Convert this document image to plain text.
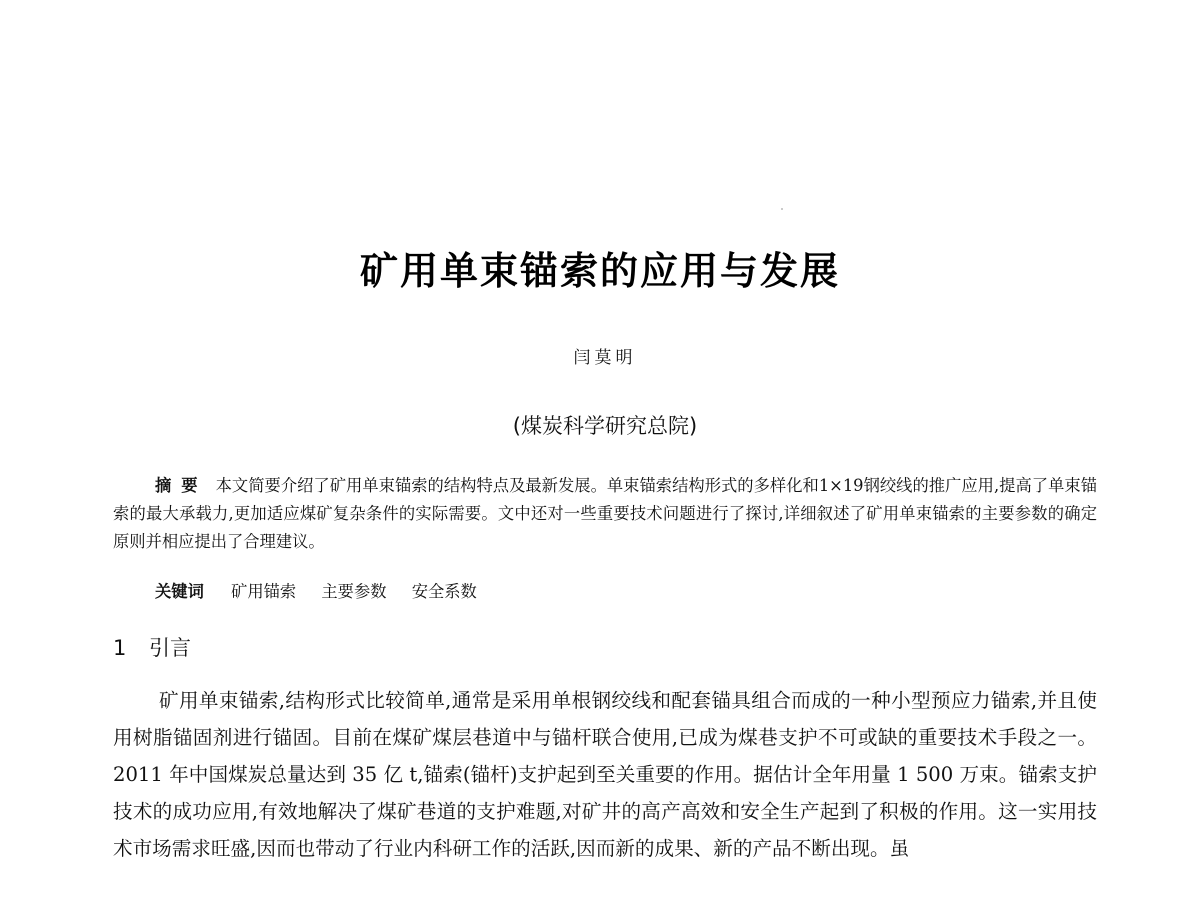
矿用单束锚索的应用与发展
闫莫明
(煤炭科学研究总院)

摘要 本文简要介绍了矿用单束锚索的结构特点及最新发展。单束锚索结构形式的多样化和1×19钢绞线的推广应用,提高了单束锚索的最大承载力,更加适应煤矿复杂条件的实际需要。文中还对一些重要技术问题进行了探讨,详细叙述了矿用单束锚索的主要参数的确定原则并相应提出了合理建议。

关键词 矿用锚索 主要参数 安全系数
1 引言

矿用单束锚索,结构形式比较简单,通常是采用单根钢绞线和配套锚具组合而成的一种小型预应力锚索,并且使用树脂锚固剂进行锚固。目前在煤矿煤层巷道中与锚杆联合使用,已成为煤巷支护不可或缺的重要技术手段之一。2011 年中国煤炭总量达到 35 亿 t,锚索(锚杆)支护起到至关重要的作用。据估计全年用量 1 500 万束。锚索支护技术的成功应用,有效地解决了煤矿巷道的支护难题,对矿井的高产高效和安全生产起到了积极的作用。这一实用技术市场需求旺盛,因而也带动了行业内科研工作的活跃,因而新的成果、新的产品不断出现。虽
